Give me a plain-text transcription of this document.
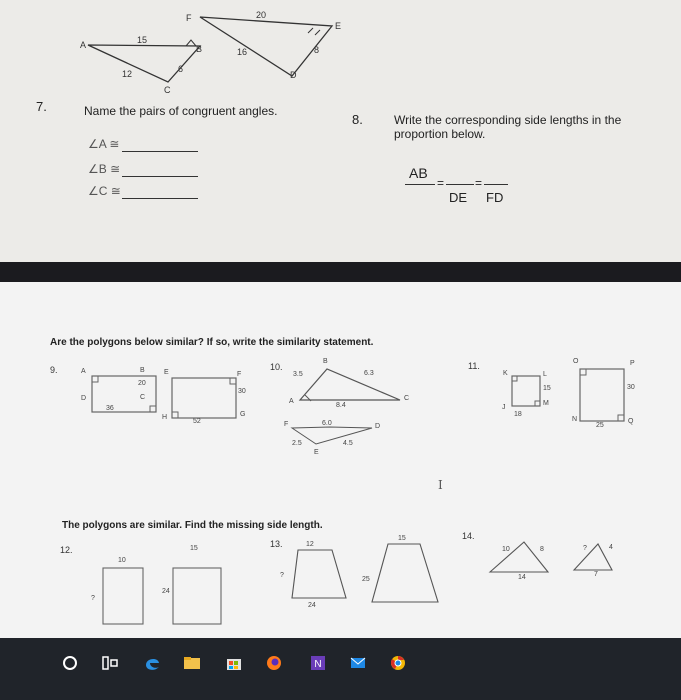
20
F
E
15
A	B	16	8
12	6
D
C
7.	Name the pairs of congruent angles.
∠A ≅
∠B ≅
∠C ≅
8.	Write the corresponding side lengths in the
proportion below.
AB
=	=
DE FD
Are the polygons below similar? If so, write the similarity statement.
9.	A	B
20
C
D
36
E	F
30
G
H
52
10.
B
3.5	6.3
A
8.4
C
F	6.0	D
2.5	4.5
E
11.
K	L
15
M
J
18
O	P
30
N
25
Q
I
The polygons are similar. Find the missing side length.
12.
10
15
?
24
13.	12
15
?
25
24
14.
10	8
14
?	4
7
N
